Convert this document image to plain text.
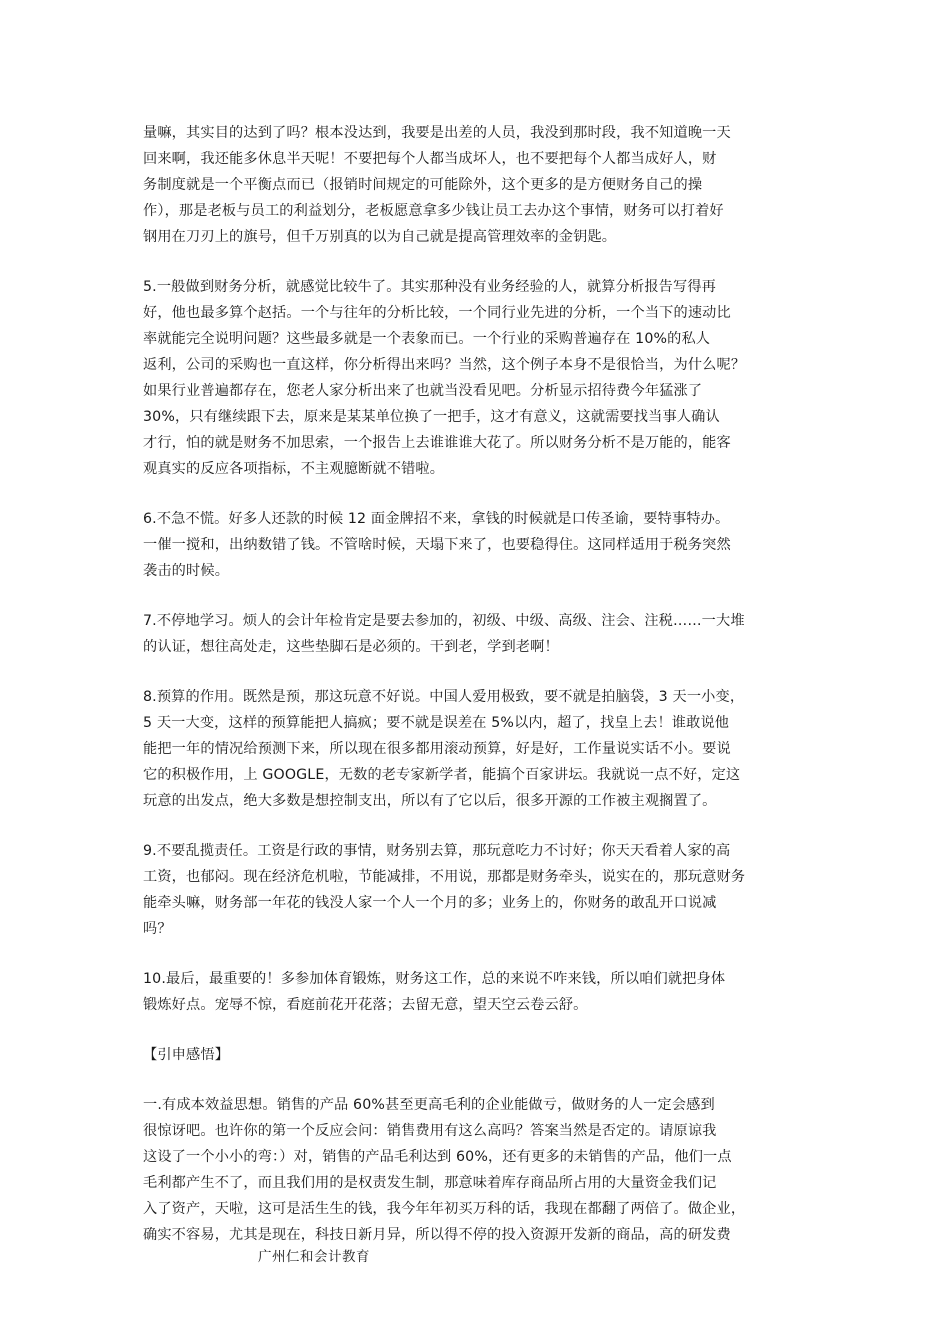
量嘛，其实目的达到了吗？根本没达到，我要是出差的人员，我没到那时段，我不知道晚一天
回来啊，我还能多休息半天呢！不要把每个人都当成坏人，也不要把每个人都当成好人，财
务制度就是一个平衡点而已（报销时间规定的可能除外，这个更多的是方便财务自己的操
作），那是老板与员工的利益划分，老板愿意拿多少钱让员工去办这个事情，财务可以打着好
钢用在刀刃上的旗号，但千万别真的以为自己就是提高管理效率的金钥匙。

5.一般做到财务分析，就感觉比较牛了。其实那种没有业务经验的人，就算分析报告写得再
好，他也最多算个赵括。一个与往年的分析比较，一个同行业先进的分析，一个当下的速动比
率就能完全说明问题？这些最多就是一个表象而已。一个行业的采购普遍存在 10%的私人
返利，公司的采购也一直这样，你分析得出来吗？当然，这个例子本身不是很恰当，为什么呢？
如果行业普遍都存在，您老人家分析出来了也就当没看见吧。分析显示招待费今年猛涨了
30%，只有继续跟下去，原来是某某单位换了一把手，这才有意义，这就需要找当事人确认
才行，怕的就是财务不加思索，一个报告上去谁谁谁大花了。所以财务分析不是万能的，能客
观真实的反应各项指标，不主观臆断就不错啦。

6.不急不慌。好多人还款的时候 12 面金牌招不来，拿钱的时候就是口传圣谕，要特事特办。
一催一搅和，出纳数错了钱。不管啥时候，天塌下来了，也要稳得住。这同样适用于税务突然
袭击的时候。

7.不停地学习。烦人的会计年检肯定是要去参加的，初级、中级、高级、注会、注税……一大堆
的认证，想往高处走，这些垫脚石是必须的。干到老，学到老啊！

8.预算的作用。既然是预，那这玩意不好说。中国人爱用极致，要不就是拍脑袋，3 天一小变，
5 天一大变，这样的预算能把人搞疯；要不就是误差在 5%以内，超了，找皇上去！谁敢说他
能把一年的情况给预测下来，所以现在很多都用滚动预算，好是好，工作量说实话不小。要说
它的积极作用，上 GOOGLE，无数的老专家新学者，能搞个百家讲坛。我就说一点不好，定这
玩意的出发点，绝大多数是想控制支出，所以有了它以后，很多开源的工作被主观搁置了。

9.不要乱揽责任。工资是行政的事情，财务别去算，那玩意吃力不讨好；你天天看着人家的高
工资，也郁闷。现在经济危机啦，节能减排，不用说，那都是财务牵头，说实在的，那玩意财务
能牵头嘛，财务部一年花的钱没人家一个人一个月的多；业务上的，你财务的敢乱开口说减
吗？

10.最后，最重要的！多参加体育锻炼，财务这工作，总的来说不咋来钱，所以咱们就把身体
锻炼好点。宠辱不惊，看庭前花开花落；去留无意，望天空云卷云舒。

【引申感悟】

一.有成本效益思想。销售的产品 60%甚至更高毛利的企业能做亏，做财务的人一定会感到
很惊讶吧。也许你的第一个反应会问：销售费用有这么高吗？答案当然是否定的。请原谅我
这设了一个小小的弯：）对，销售的产品毛利达到 60%，还有更多的未销售的产品，他们一点
毛利都产生不了，而且我们用的是权责发生制，那意味着库存商品所占用的大量资金我们记
入了资产，天啦，这可是活生生的钱，我今年年初买万科的话，我现在都翻了两倍了。做企业，
确实不容易，尤其是现在，科技日新月异，所以得不停的投入资源开发新的商品，高的研发费

广州仁和会计教育
